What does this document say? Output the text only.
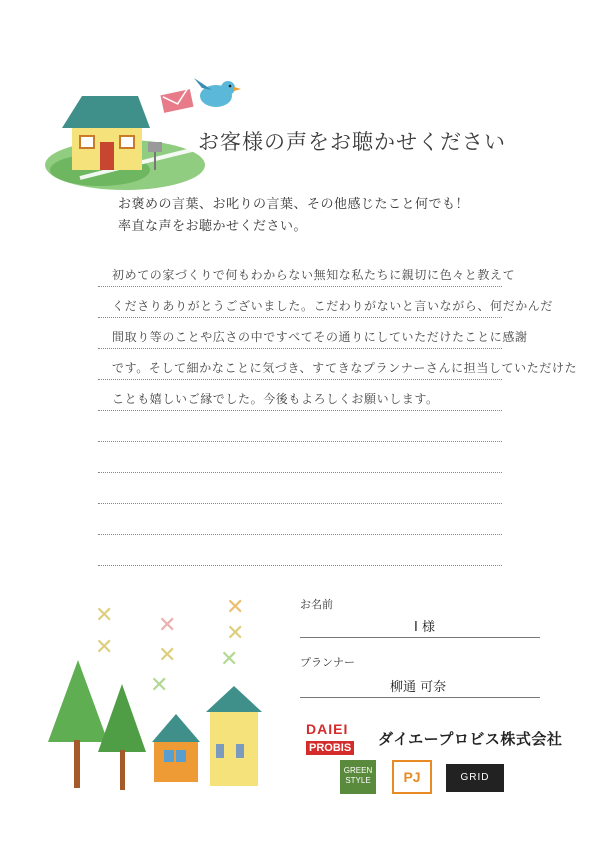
お客様の声をお聴かせください
お褒めの言葉、お叱りの言葉、その他感じたこと何でも！
率直な声をお聴かせください。
初めての家づくりで何もわからない無知な私たちに親切に色々と教えて
くださりありがとうございました。こだわりがないと言いながら、何だかんだ
間取り等のことや広さの中ですべてその通りにしていただけたことに感謝
です。そして細かなことに気づき、すてきなプランナーさんに担当していただけた
ことも嬉しいご縁でした。今後もよろしくお願いします。
✕
✕
✕
✕
✕
✕
✕
✕
お名前
I 様
プランナー
柳通 可奈
DAIEI
PROBIS	ダイエープロビス株式会社
GREEN
STYLE	PJ	GRID
